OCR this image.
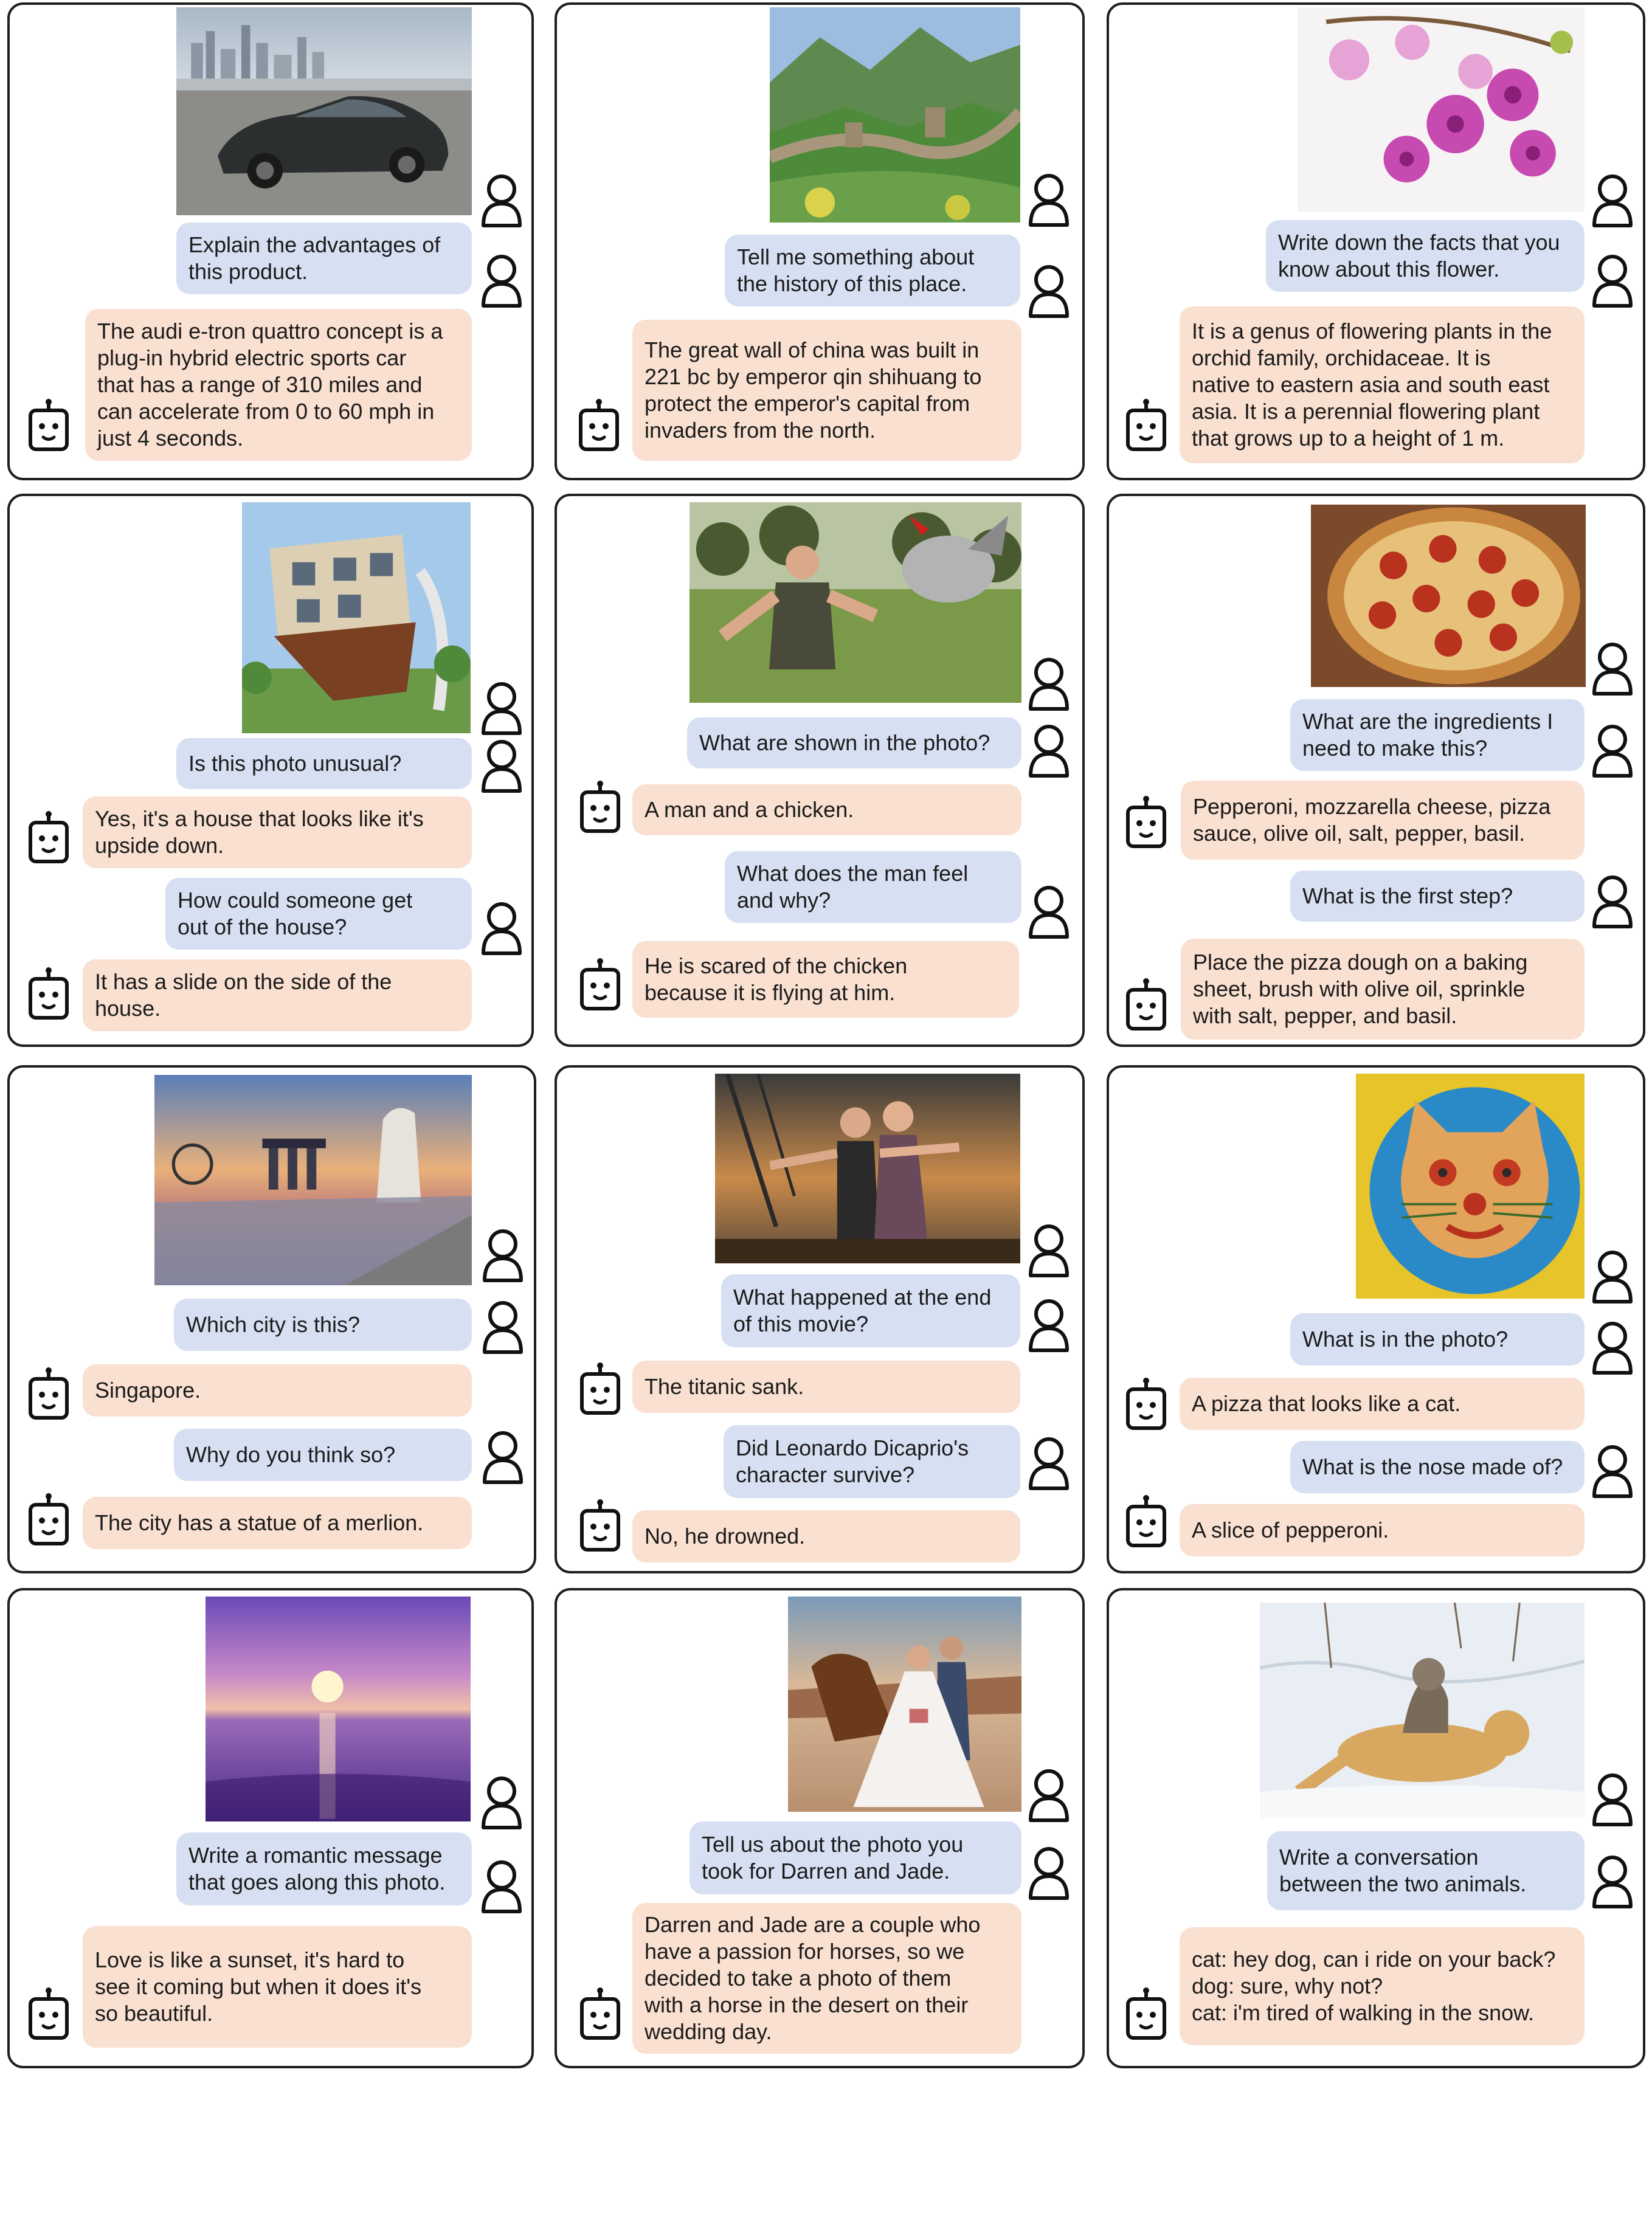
Explain the advantages of
this product.
The audi e-tron quattro concept is a
plug-in hybrid electric sports car
that has a range of 310 miles and
can accelerate from 0 to 60 mph in
just 4 seconds.
Tell me something about
the history of this place.
The great wall of china was built in
221 bc by emperor qin shihuang to
protect the emperor's capital from
invaders from the north.
Write down the facts that you
know about this flower.
It is a genus of flowering plants in the
orchid family, orchidaceae. It is
native to eastern asia and south east
asia. It is a perennial flowering plant
that grows up to a height of 1 m.
Is this photo unusual?
Yes, it's a house that looks like it's
upside down.
How could someone get
out of the house?
It has a slide on the side of the
house.
What are shown in the photo?
A man and a chicken.
What does the man feel
and why?
He is scared of the chicken
because it is flying at him.
What are the ingredients I
need to make this?
Pepperoni, mozzarella cheese, pizza
sauce, olive oil, salt, pepper, basil.
What is the first step?
Place the pizza dough on a baking
sheet, brush with olive oil, sprinkle
with salt, pepper, and basil.
Which city is this?
Singapore.
Why do you think so?
The city has a statue of a merlion.
What happened at the end
of this movie?
The titanic sank.
Did Leonardo Dicaprio's
character survive?
No, he drowned.
What is in the photo?
A pizza that looks like a cat.
What is the nose made of?
A slice of pepperoni.
Write a romantic message
that goes along this photo.
Love is like a sunset, it's hard to
see it coming but when it does it's
so beautiful.
Tell us about the photo you
took for Darren and Jade.
Darren and Jade are a couple who
have a passion for horses, so we
decided to take a photo of them
with a horse in the desert on their
wedding day.
Write a conversation
between the two animals.
cat: hey dog, can i ride on your back?
dog: sure, why not?
cat: i'm tired of walking in the snow.
